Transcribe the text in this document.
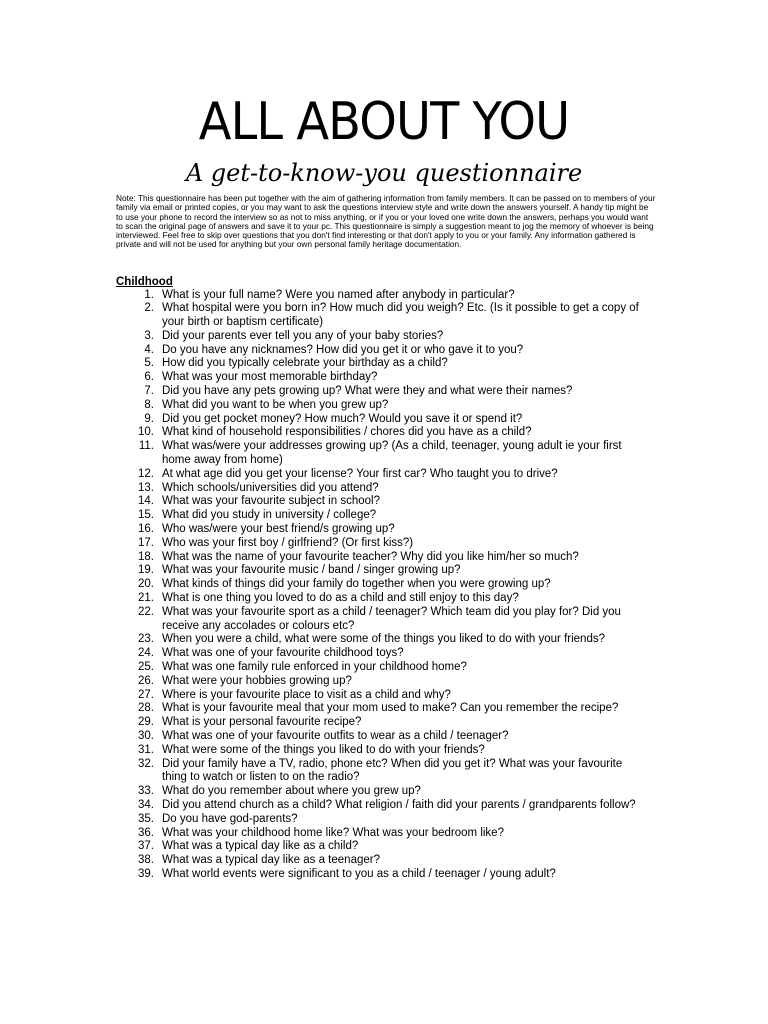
ALL ABOUT YOU
A get-to-know-you questionnaire

Note: This questionnaire has been put together with the aim of gathering information from family members. It can be passed on to members of your family via email or printed copies, or you may want to ask the questions interview style and write down the answers yourself. A handy tip might be to use your phone to record the interview so as not to miss anything, or if you or your loved one write down the answers, perhaps you would want to scan the original page of answers and save it to your pc. This questionnaire is simply a suggestion meant to jog the memory of whoever is being interviewed. Feel free to skip over questions that you don't find interesting or that don't apply to you or your family. Any information gathered is private and will not be used for anything but your own personal family heritage documentation.

Childhood
1. What is your full name? Were you named after anybody in particular?
2. What hospital were you born in? How much did you weigh? Etc. (Is it possible to get a copy of your birth or baptism certificate)
3. Did your parents ever tell you any of your baby stories?
4. Do you have any nicknames? How did you get it or who gave it to you?
5. How did you typically celebrate your birthday as a child?
6. What was your most memorable birthday?
7. Did you have any pets growing up? What were they and what were their names?
8. What did you want to be when you grew up?
9. Did you get pocket money? How much? Would you save it or spend it?
10. What kind of household responsibilities / chores did you have as a child?
11. What was/were your addresses growing up? (As a child, teenager, young adult ie your first home away from home)
12. At what age did you get your license? Your first car? Who taught you to drive?
13. Which schools/universities did you attend?
14. What was your favourite subject in school?
15. What did you study in university / college?
16. Who was/were your best friend/s growing up?
17. Who was your first boy / girlfriend? (Or first kiss?)
18. What was the name of your favourite teacher? Why did you like him/her so much?
19. What was your favourite music / band / singer growing up?
20. What kinds of things did your family do together when you were growing up?
21. What is one thing you loved to do as a child and still enjoy to this day?
22. What was your favourite sport as a child / teenager? Which team did you play for? Did you receive any accolades or colours etc?
23. When you were a child, what were some of the things you liked to do with your friends?
24. What was one of your favourite childhood toys?
25. What was one family rule enforced in your childhood home?
26. What were your hobbies growing up?
27. Where is your favourite place to visit as a child and why?
28. What is your favourite meal that your mom used to make? Can you remember the recipe?
29. What is your personal favourite recipe?
30. What was one of your favourite outfits to wear as a child / teenager?
31. What were some of the things you liked to do with your friends?
32. Did your family have a TV, radio, phone etc? When did you get it? What was your favourite thing to watch or listen to on the radio?
33. What do you remember about where you grew up?
34. Did you attend church as a child? What religion / faith did your parents / grandparents follow?
35. Do you have god-parents?
36. What was your childhood home like? What was your bedroom like?
37. What was a typical day like as a child?
38. What was a typical day like as a teenager?
39. What world events were significant to you as a child / teenager / young adult?
